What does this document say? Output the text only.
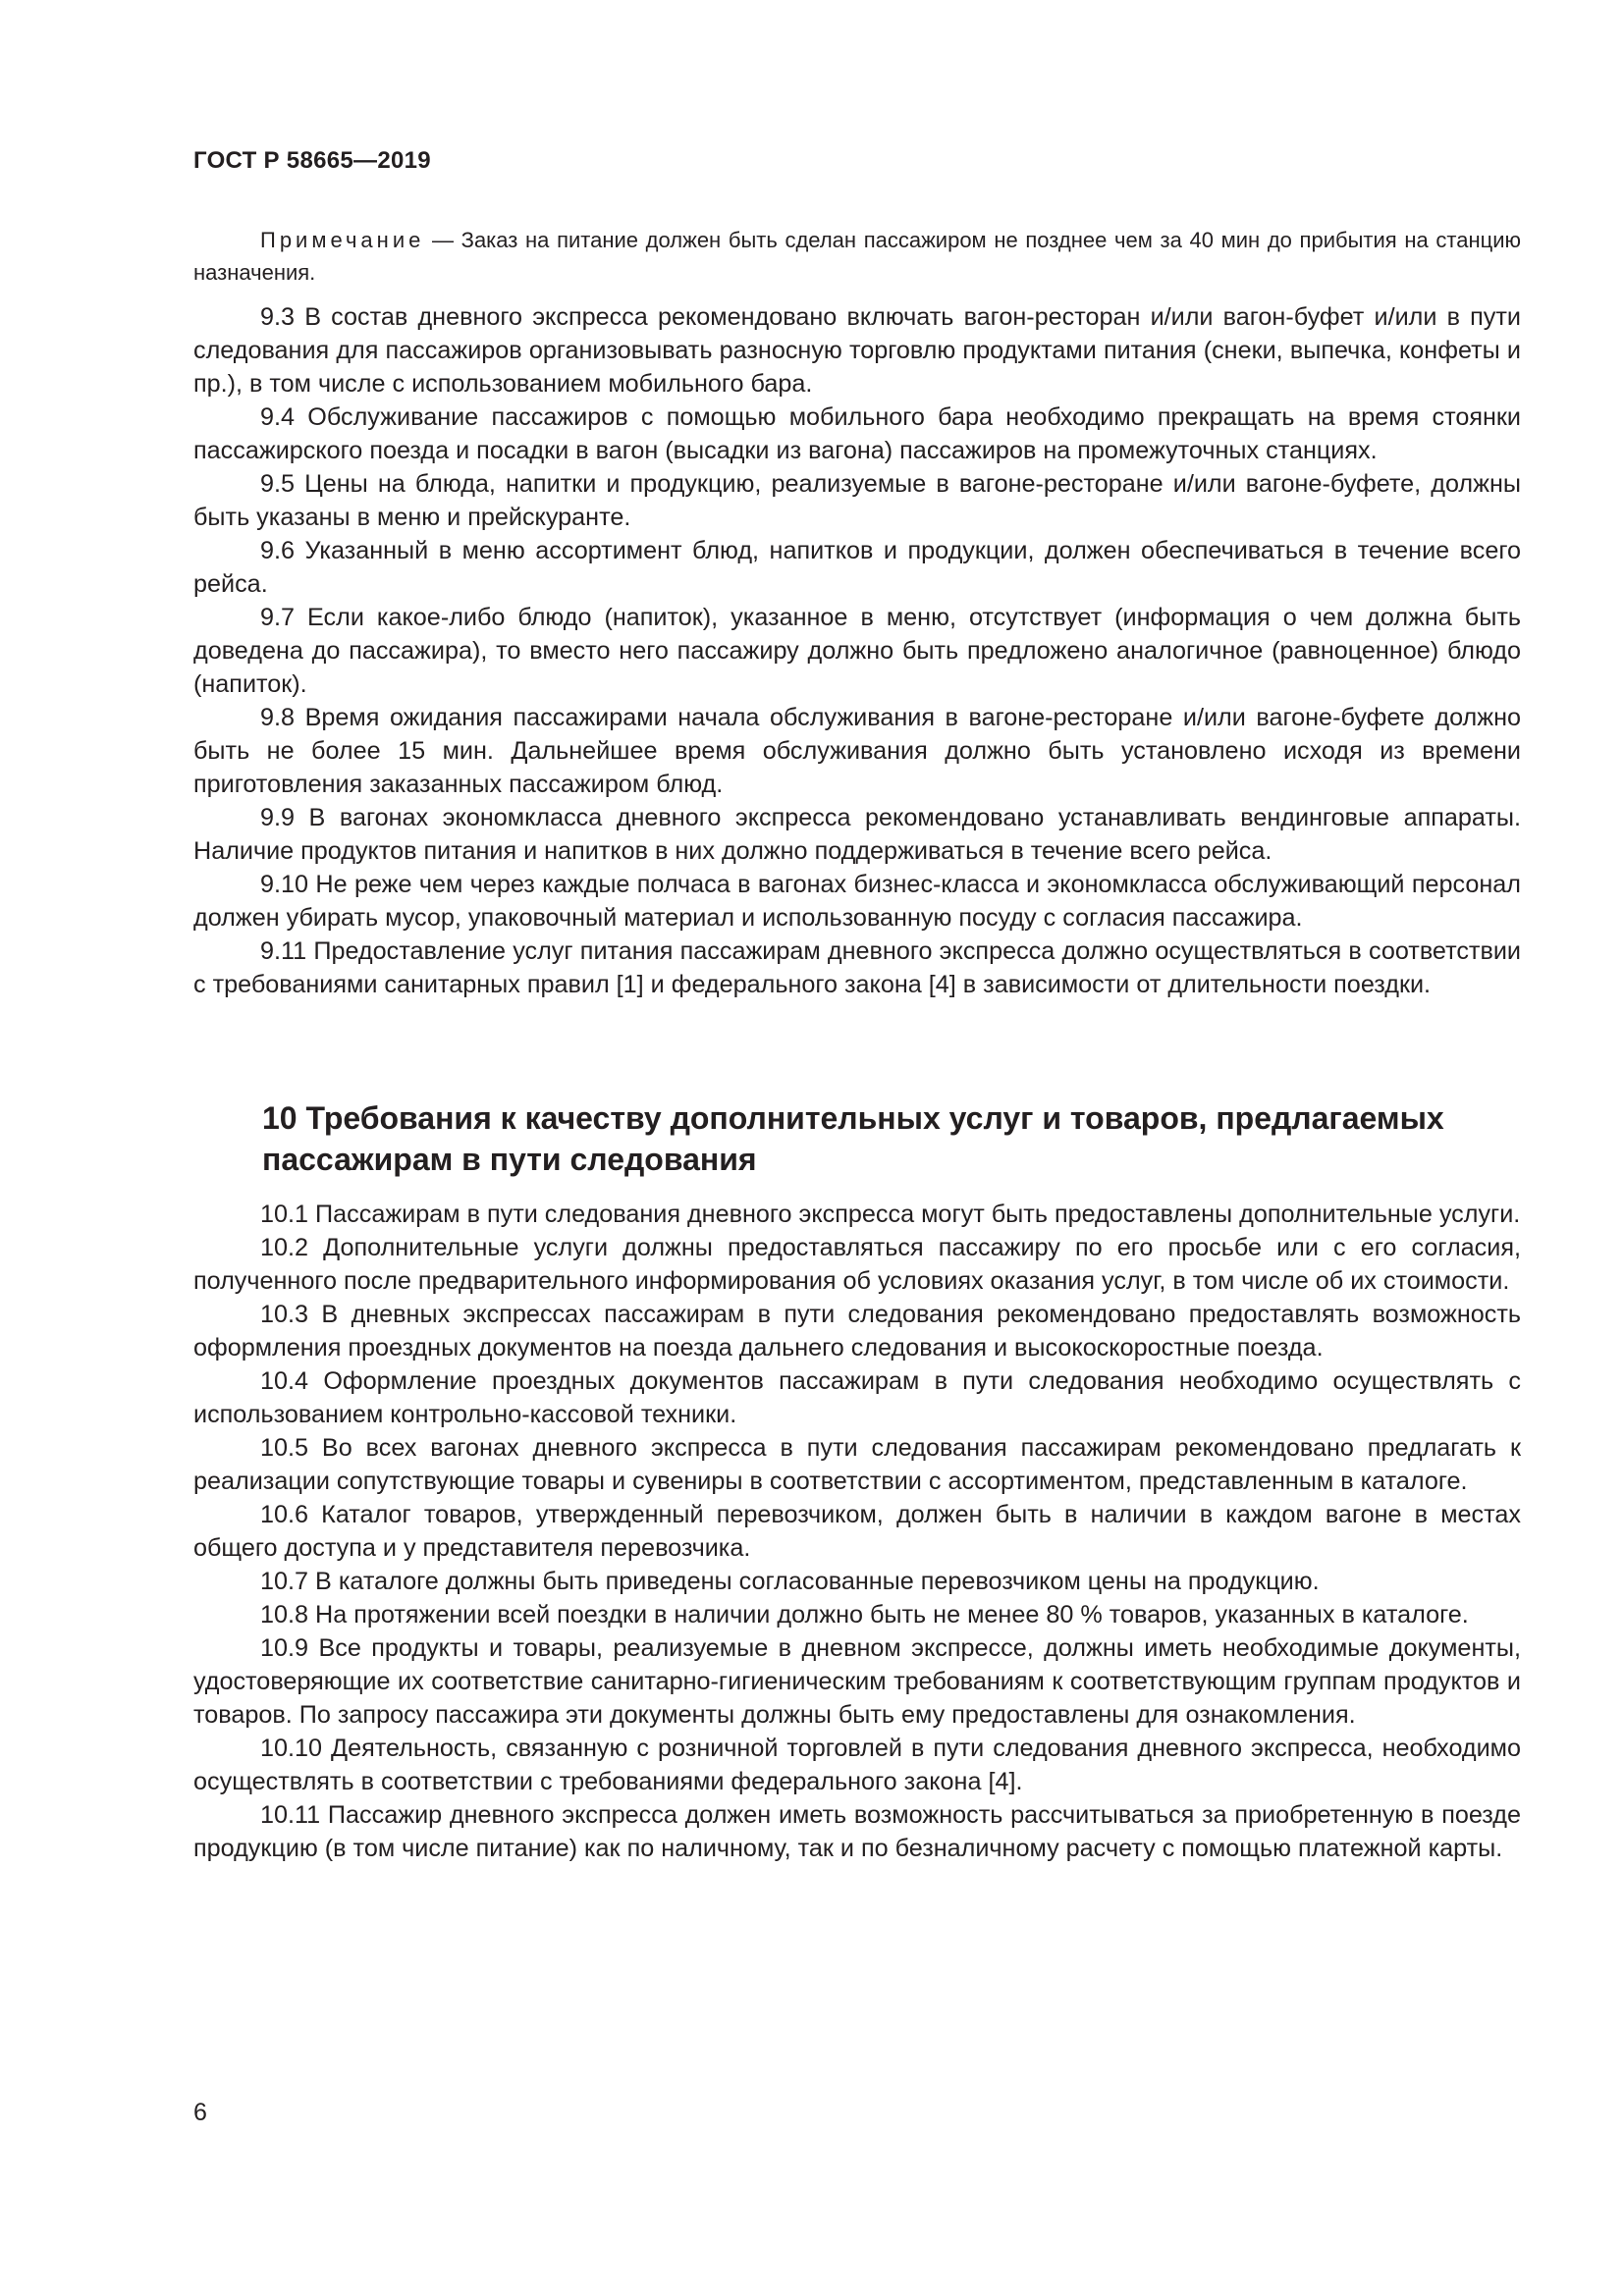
ГОСТ Р 58665—2019
Примечание — Заказ на питание должен быть сделан пассажиром не позднее чем за 40 мин до прибытия на станцию назначения.

9.3 В состав дневного экспресса рекомендовано включать вагон-ресторан и/или вагон-буфет и/или в пути следования для пассажиров организовывать разносную торговлю продуктами питания (снеки, выпечка, конфеты и пр.), в том числе с использованием мобильного бара.

9.4 Обслуживание пассажиров с помощью мобильного бара необходимо прекращать на время стоянки пассажирского поезда и посадки в вагон (высадки из вагона) пассажиров на промежуточных станциях.

9.5 Цены на блюда, напитки и продукцию, реализуемые в вагоне-ресторане и/или вагоне-буфете, должны быть указаны в меню и прейскуранте.

9.6 Указанный в меню ассортимент блюд, напитков и продукции, должен обеспечиваться в течение всего рейса.

9.7 Если какое-либо блюдо (напиток), указанное в меню, отсутствует (информация о чем должна быть доведена до пассажира), то вместо него пассажиру должно быть предложено аналогичное (равноценное) блюдо (напиток).

9.8 Время ожидания пассажирами начала обслуживания в вагоне-ресторане и/или вагоне-буфете должно быть не более 15 мин. Дальнейшее время обслуживания должно быть установлено исходя из времени приготовления заказанных пассажиром блюд.

9.9 В вагонах экономкласса дневного экспресса рекомендовано устанавливать вендинговые аппараты. Наличие продуктов питания и напитков в них должно поддерживаться в течение всего рейса.

9.10 Не реже чем через каждые полчаса в вагонах бизнес-класса и экономкласса обслуживающий персонал должен убирать мусор, упаковочный материал и использованную посуду с согласия пассажира.

9.11 Предоставление услуг питания пассажирам дневного экспресса должно осуществляться в соответствии с требованиями санитарных правил [1] и федерального закона [4] в зависимости от длительности поездки.

10 Требования к качеству дополнительных услуг и товаров, предлагаемых пассажирам в пути следования

10.1 Пассажирам в пути следования дневного экспресса могут быть предоставлены дополнительные услуги.

10.2 Дополнительные услуги должны предоставляться пассажиру по его просьбе или с его согласия, полученного после предварительного информирования об условиях оказания услуг, в том числе об их стоимости.

10.3 В дневных экспрессах пассажирам в пути следования рекомендовано предоставлять возможность оформления проездных документов на поезда дальнего следования и высокоскоростные поезда.

10.4 Оформление проездных документов пассажирам в пути следования необходимо осуществлять с использованием контрольно-кассовой техники.

10.5 Во всех вагонах дневного экспресса в пути следования пассажирам рекомендовано предлагать к реализации сопутствующие товары и сувениры в соответствии с ассортиментом, представленным в каталоге.

10.6 Каталог товаров, утвержденный перевозчиком, должен быть в наличии в каждом вагоне в местах общего доступа и у представителя перевозчика.

10.7 В каталоге должны быть приведены согласованные перевозчиком цены на продукцию.

10.8 На протяжении всей поездки в наличии должно быть не менее 80 % товаров, указанных в каталоге.

10.9 Все продукты и товары, реализуемые в дневном экспрессе, должны иметь необходимые документы, удостоверяющие их соответствие санитарно-гигиеническим требованиям к соответствующим группам продуктов и товаров. По запросу пассажира эти документы должны быть ему предоставлены для ознакомления.

10.10 Деятельность, связанную с розничной торговлей в пути следования дневного экспресса, необходимо осуществлять в соответствии с требованиями федерального закона [4].

10.11 Пассажир дневного экспресса должен иметь возможность рассчитываться за приобретенную в поезде продукцию (в том числе питание) как по наличному, так и по безналичному расчету с помощью платежной карты.

6
